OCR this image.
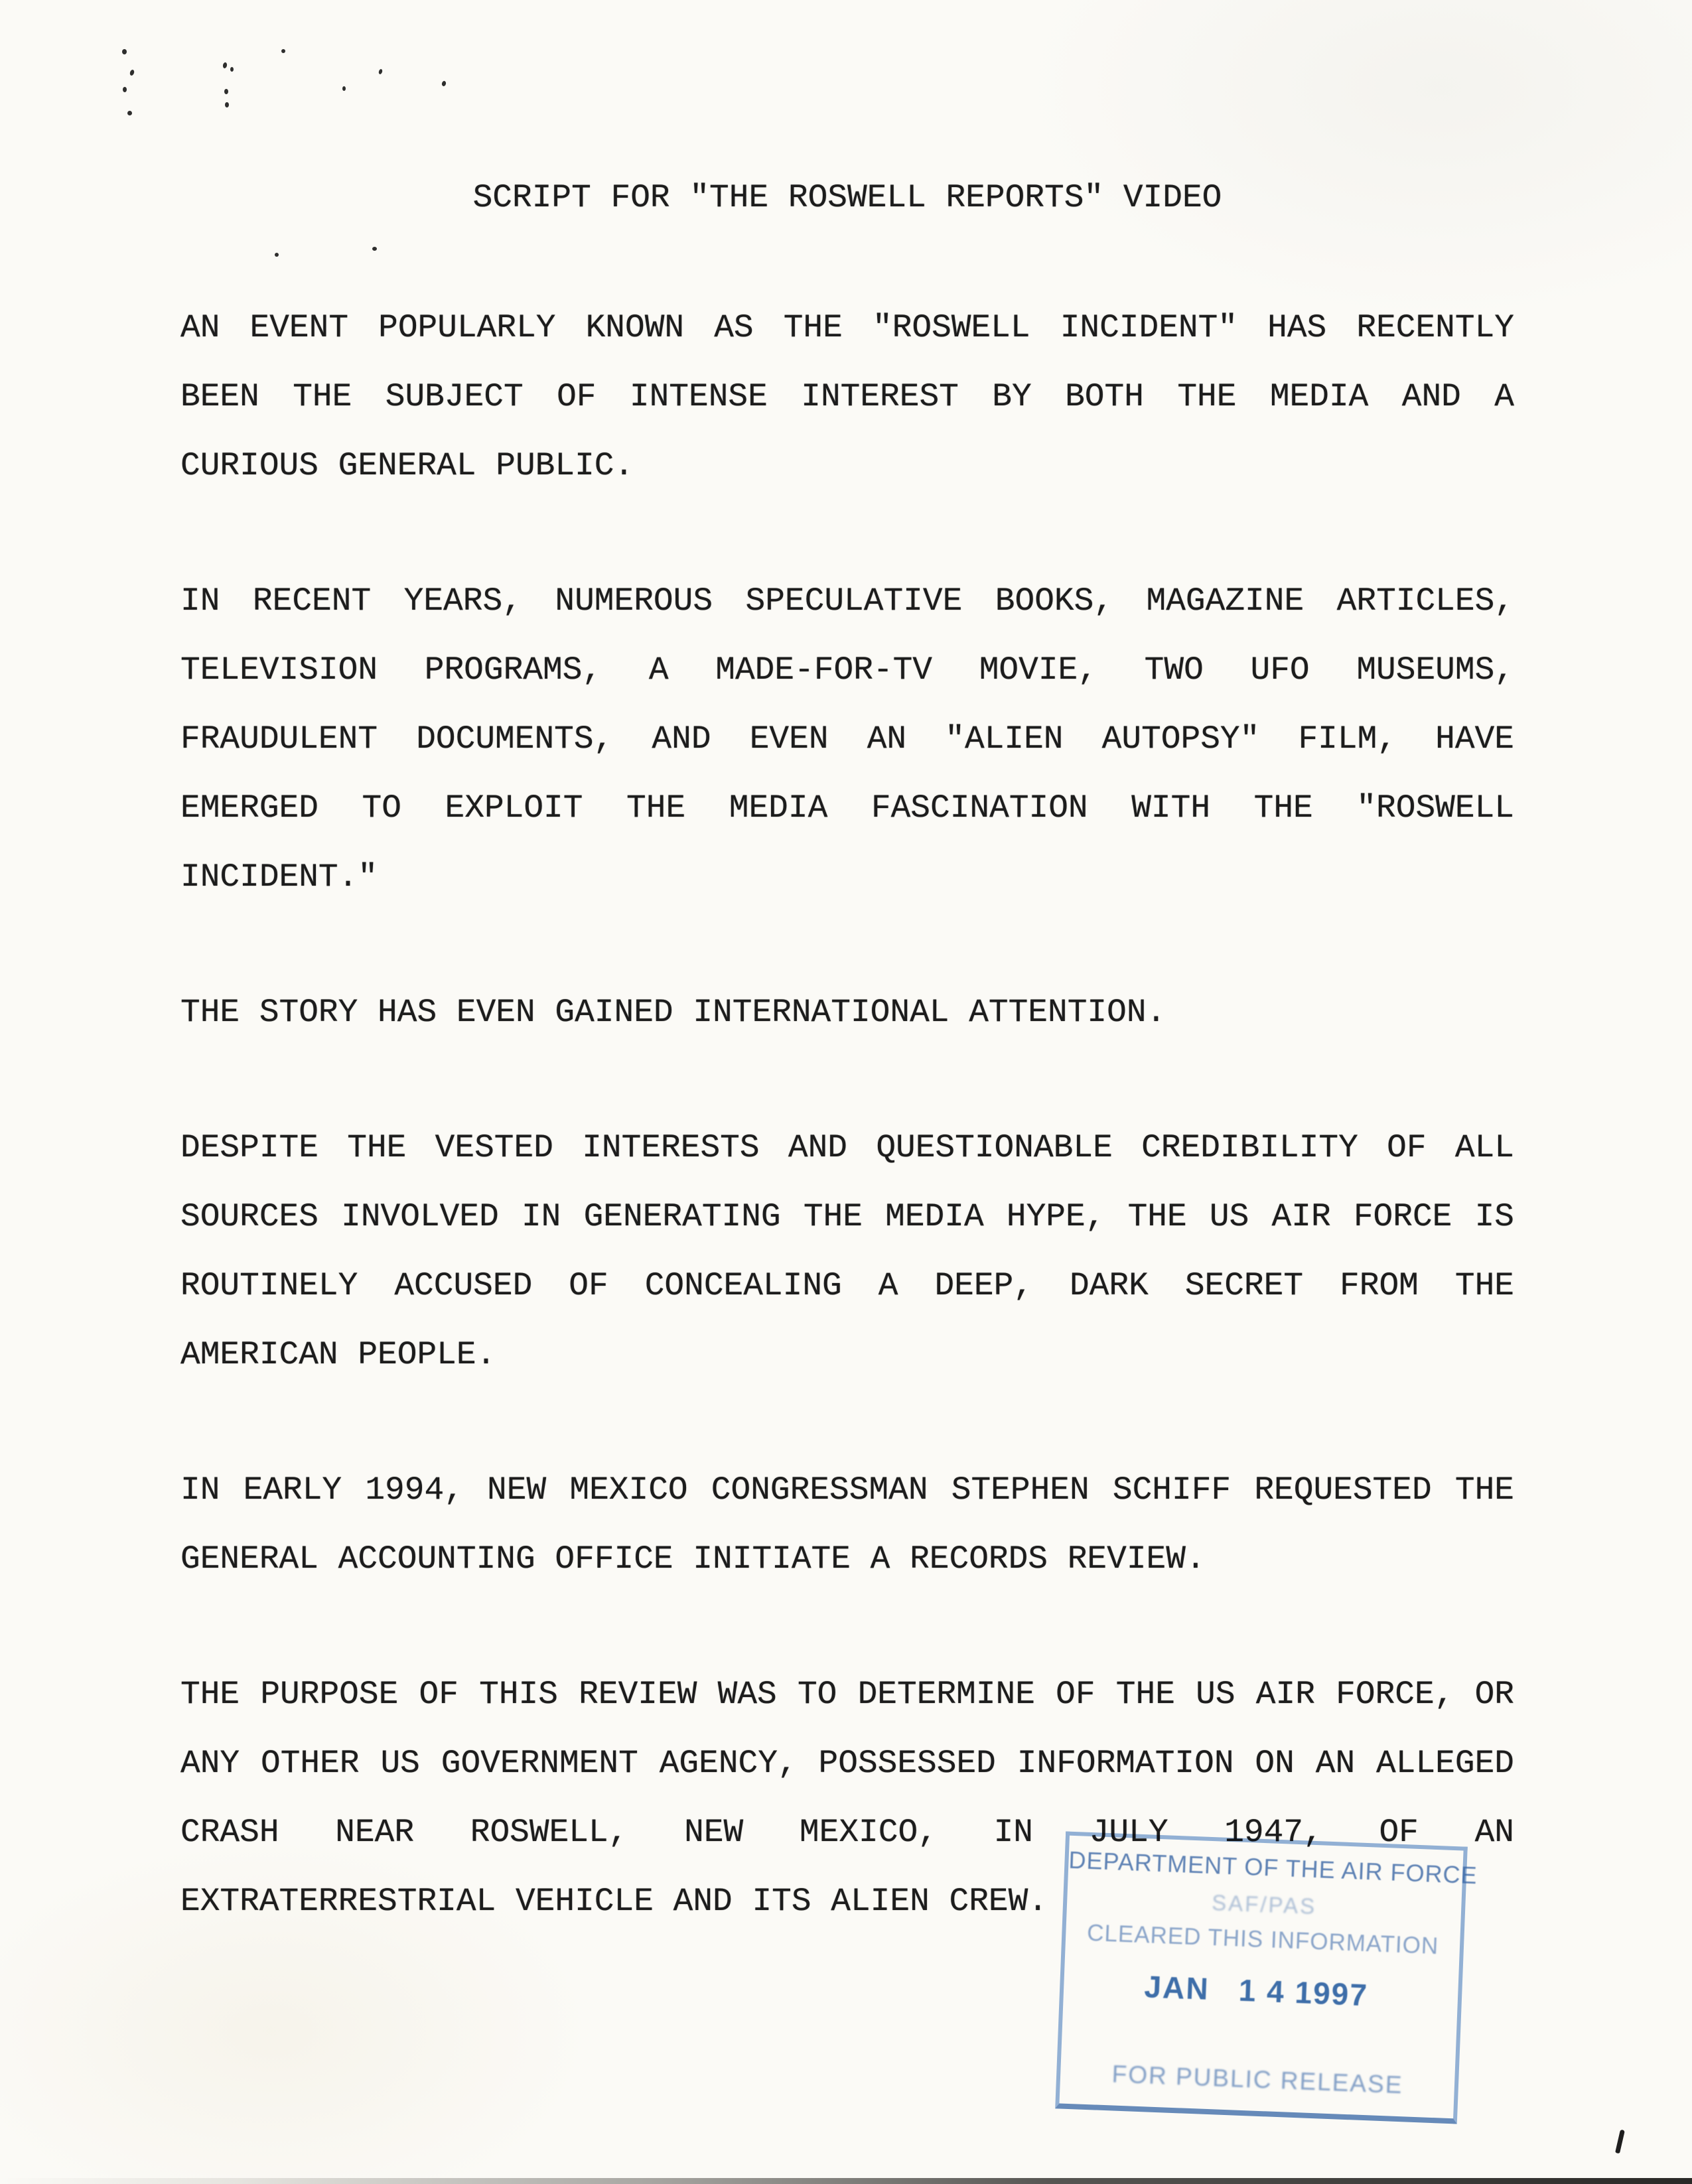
SCRIPT FOR "THE ROSWELL REPORTS" VIDEO
AN EVENT POPULARLY KNOWN AS THE "ROSWELL INCIDENT" HAS RECENTLY
BEEN THE SUBJECT OF INTENSE INTEREST BY BOTH THE MEDIA AND A
CURIOUS GENERAL PUBLIC.
IN RECENT YEARS, NUMEROUS SPECULATIVE BOOKS, MAGAZINE ARTICLES,
TELEVISION PROGRAMS, A MADE-FOR-TV MOVIE, TWO UFO MUSEUMS,
FRAUDULENT DOCUMENTS, AND EVEN AN "ALIEN AUTOPSY" FILM, HAVE
EMERGED TO EXPLOIT THE MEDIA FASCINATION WITH THE "ROSWELL
INCIDENT."
THE STORY HAS EVEN GAINED INTERNATIONAL ATTENTION.
DESPITE THE VESTED INTERESTS AND QUESTIONABLE CREDIBILITY OF ALL
SOURCES INVOLVED IN GENERATING THE MEDIA HYPE, THE US AIR FORCE IS
ROUTINELY ACCUSED OF CONCEALING A DEEP, DARK SECRET FROM THE
AMERICAN PEOPLE.
IN EARLY 1994, NEW MEXICO CONGRESSMAN STEPHEN SCHIFF REQUESTED THE
GENERAL ACCOUNTING OFFICE INITIATE A RECORDS REVIEW.
THE PURPOSE OF THIS REVIEW WAS TO DETERMINE OF THE US AIR FORCE, OR
ANY OTHER US GOVERNMENT AGENCY, POSSESSED INFORMATION ON AN ALLEGED
CRASH NEAR ROSWELL, NEW MEXICO, IN JULY 1947, OF AN
EXTRATERRESTRIAL VEHICLE AND ITS ALIEN CREW.
DEPARTMENT OF THE AIR FORCE
SAF/PAS
CLEARED THIS INFORMATION
JAN   1 4 1997
FOR PUBLIC RELEASE
